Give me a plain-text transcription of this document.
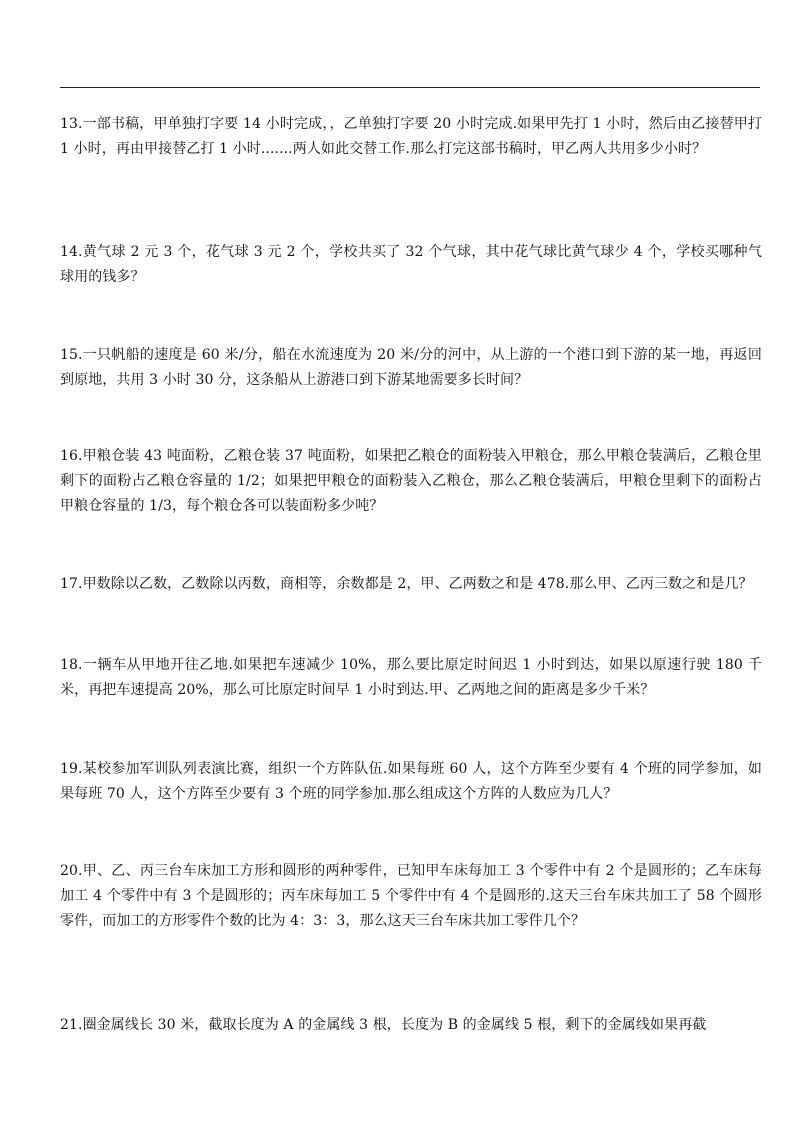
13.一部书稿，甲单独打字要 14 小时完成，，乙单独打字要 20 小时完成.如果甲先打 1 小时，然后由乙接替甲打 1 小时，再由甲接替乙打 1 小时.......两人如此交替工作.那么打完这部书稿时，甲乙两人共用多少小时？

14.黄气球 2 元 3 个，花气球 3 元 2 个，学校共买了 32 个气球，其中花气球比黄气球少 4 个，学校买哪种气球用的钱多？

15.一只帆船的速度是 60 米/分，船在水流速度为 20 米/分的河中，从上游的一个港口到下游的某一地，再返回到原地，共用 3 小时 30 分，这条船从上游港口到下游某地需要多长时间？

16.甲粮仓装 43 吨面粉，乙粮仓装 37 吨面粉，如果把乙粮仓的面粉装入甲粮仓，那么甲粮仓装满后，乙粮仓里剩下的面粉占乙粮仓容量的 1/2；如果把甲粮仓的面粉装入乙粮仓，那么乙粮仓装满后，甲粮仓里剩下的面粉占甲粮仓容量的 1/3，每个粮仓各可以装面粉多少吨？

17.甲数除以乙数，乙数除以丙数，商相等，余数都是 2，甲、乙两数之和是 478.那么甲、乙丙三数之和是几？

18.一辆车从甲地开往乙地.如果把车速减少 10%，那么要比原定时间迟 1 小时到达，如果以原速行驶 180 千米，再把车速提高 20%，那么可比原定时间早 1 小时到达.甲、乙两地之间的距离是多少千米？

19.某校参加军训队列表演比赛，组织一个方阵队伍.如果每班 60 人，这个方阵至少要有 4 个班的同学参加，如果每班 70 人，这个方阵至少要有 3 个班的同学参加.那么组成这个方阵的人数应为几人？

20.甲、乙、丙三台车床加工方形和圆形的两种零件，已知甲车床每加工 3 个零件中有 2 个是圆形的；乙车床每加工 4 个零件中有 3 个是圆形的；丙车床每加工 5 个零件中有 4 个是圆形的.这天三台车床共加工了 58 个圆形零件，而加工的方形零件个数的比为 4：3：3，那么这天三台车床共加工零件几个？

21.圈金属线长 30 米，截取长度为 A 的金属线 3 根，长度为 B 的金属线 5 根，剩下的金属线如果再截
